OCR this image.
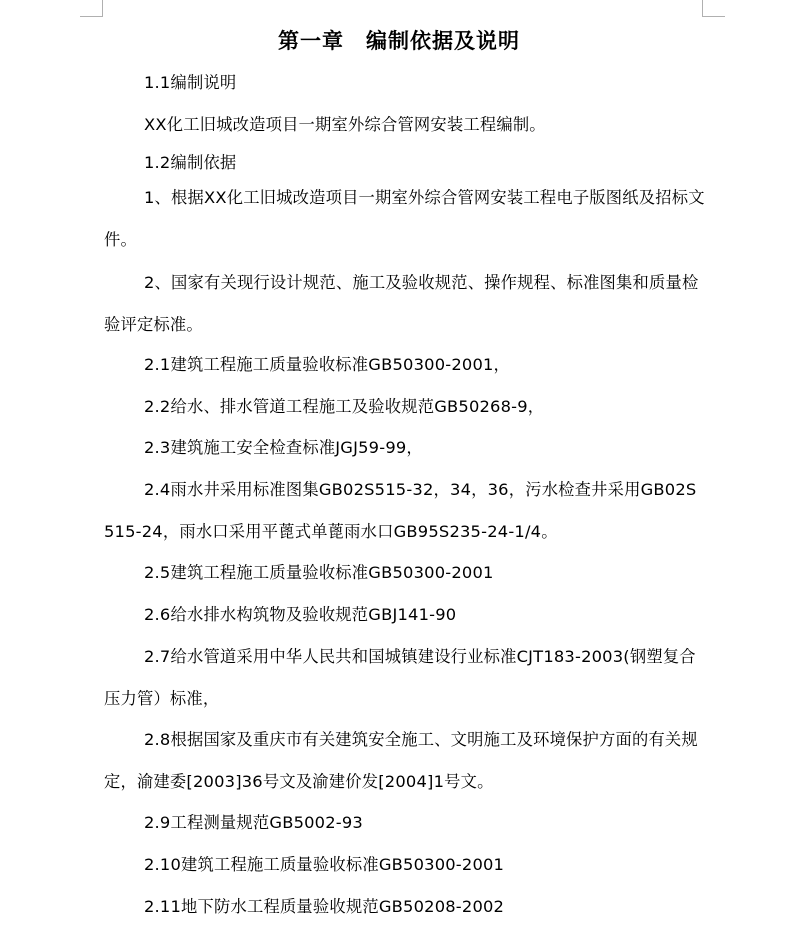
第一章　编制依据及说明
1.1编制说明
XX化工旧城改造项目一期室外综合管网安装工程编制。
1.2编制依据
1、根据XX化工旧城改造项目一期室外综合管网安装工程电子版图纸及招标文件。
2、国家有关现行设计规范、施工及验收规范、操作规程、标准图集和质量检验评定标准。
2.1建筑工程施工质量验收标准GB50300-2001，
2.2给水、排水管道工程施工及验收规范GB50268-9，
2.3建筑施工安全检查标准JGJ59-99，
2.4雨水井采用标准图集GB02S515-32，34，36，污水检查井采用GB02S515-24，雨水口采用平蓖式单蓖雨水口GB95S235-24-1/4。
2.5建筑工程施工质量验收标准GB50300-2001
2.6给水排水构筑物及验收规范GBJ141-90
2.7给水管道采用中华人民共和国城镇建设行业标准CJT183-2003(钢塑复合压力管）标准，
2.8根据国家及重庆市有关建筑安全施工、文明施工及环境保护方面的有关规定，渝建委[2003]36号文及渝建价发[2004]1号文。
2.9工程测量规范GB5002-93
2.10建筑工程施工质量验收标准GB50300-2001
2.11地下防水工程质量验收规范GB50208-2002
